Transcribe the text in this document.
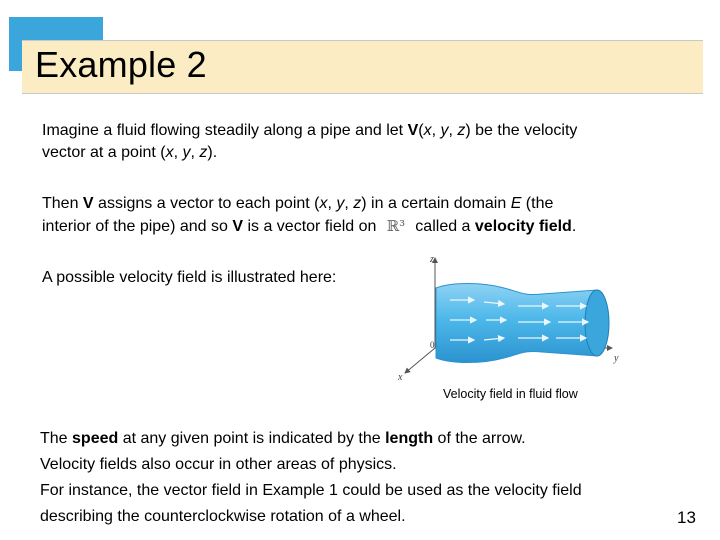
Example 2
Imagine a fluid flowing steadily along a pipe and let V(x, y, z) be the velocity
vector at a point (x, y, z).
Then V assigns a vector to each point (x, y, z) in a certain domain E (the
interior of the pipe) and so V is a vector field on ℝ³ called a velocity field.
A possible velocity field is illustrated here:
z
y
x
0
Velocity field in fluid flow
The speed at any given point is indicated by the length of the arrow.
Velocity fields also occur in other areas of physics.
For instance, the vector field in Example 1 could be used as the velocity field
describing the counterclockwise rotation of a wheel.	13
